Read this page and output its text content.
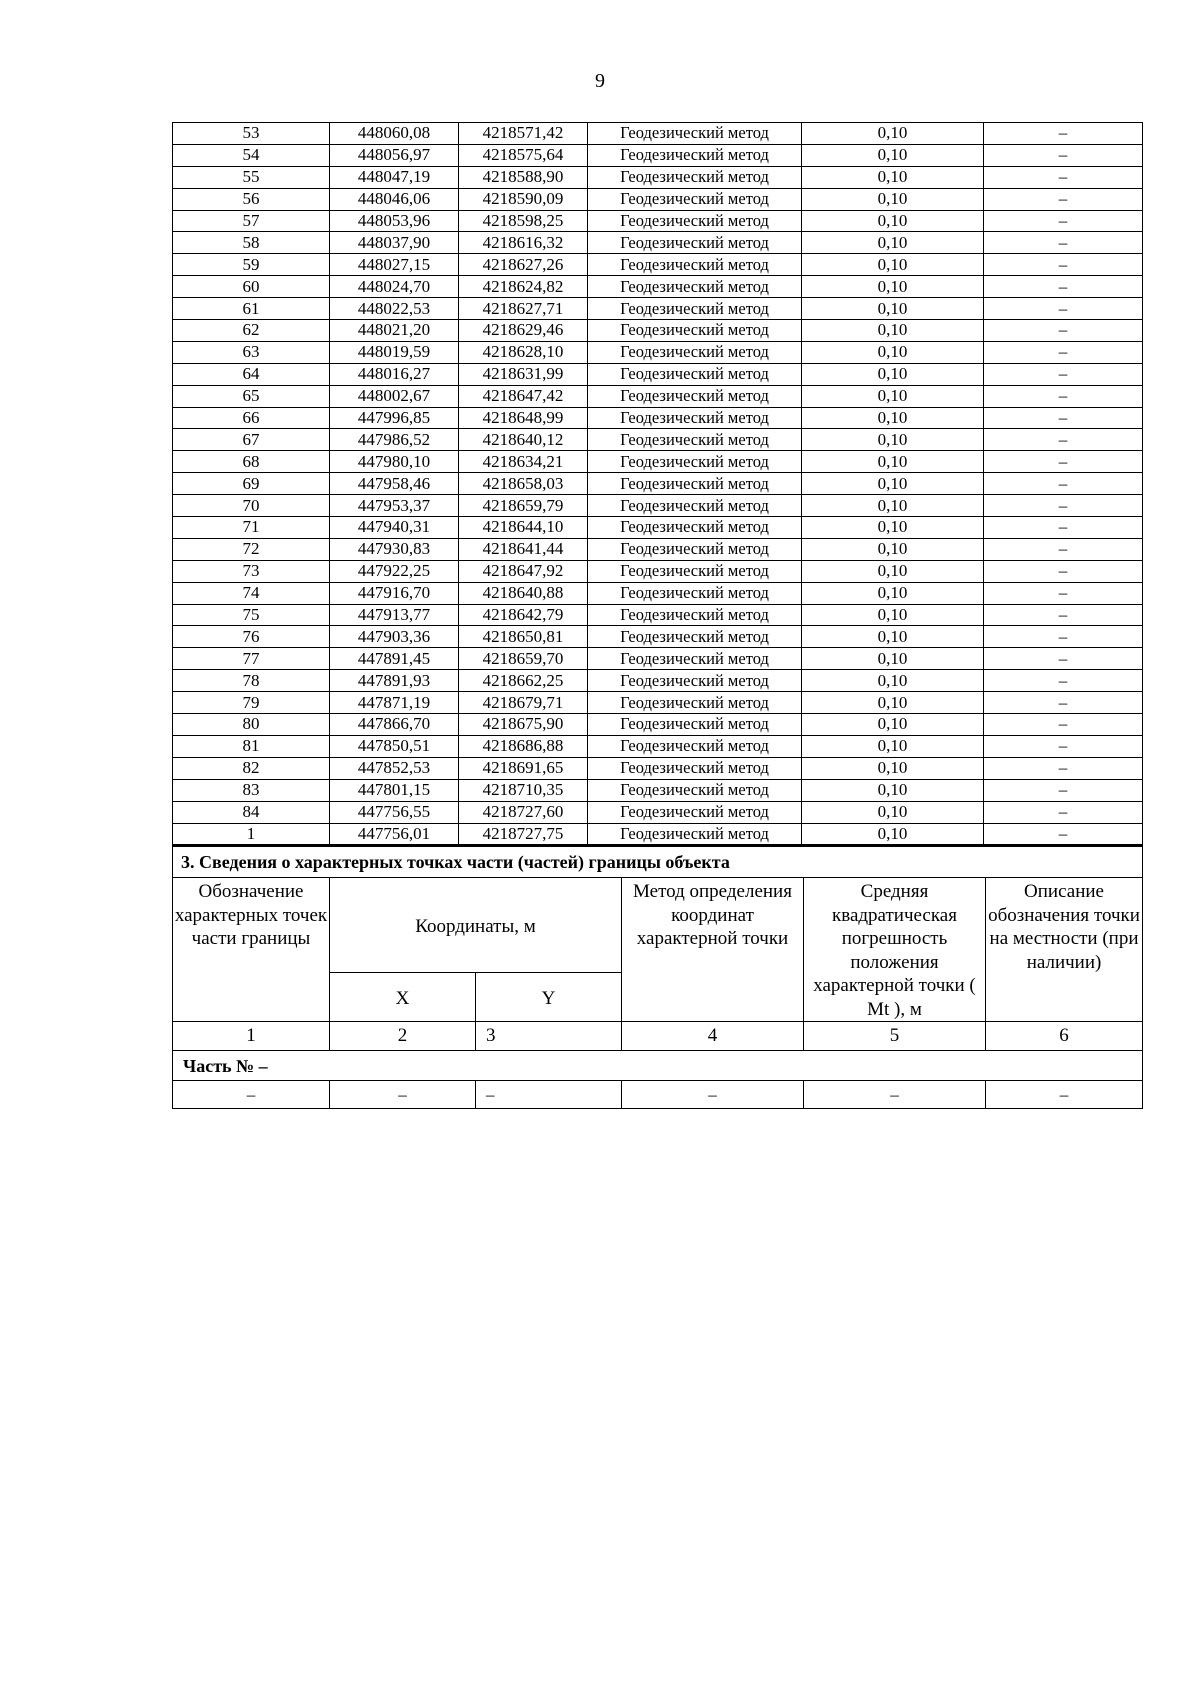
9
53	448060,08	4218571,42	Геодезический метод	0,10	–
54	448056,97	4218575,64	Геодезический метод	0,10	–
55	448047,19	4218588,90	Геодезический метод	0,10	–
56	448046,06	4218590,09	Геодезический метод	0,10	–
57	448053,96	4218598,25	Геодезический метод	0,10	–
58	448037,90	4218616,32	Геодезический метод	0,10	–
59	448027,15	4218627,26	Геодезический метод	0,10	–
60	448024,70	4218624,82	Геодезический метод	0,10	–
61	448022,53	4218627,71	Геодезический метод	0,10	–
62	448021,20	4218629,46	Геодезический метод	0,10	–
63	448019,59	4218628,10	Геодезический метод	0,10	–
64	448016,27	4218631,99	Геодезический метод	0,10	–
65	448002,67	4218647,42	Геодезический метод	0,10	–
66	447996,85	4218648,99	Геодезический метод	0,10	–
67	447986,52	4218640,12	Геодезический метод	0,10	–
68	447980,10	4218634,21	Геодезический метод	0,10	–
69	447958,46	4218658,03	Геодезический метод	0,10	–
70	447953,37	4218659,79	Геодезический метод	0,10	–
71	447940,31	4218644,10	Геодезический метод	0,10	–
72	447930,83	4218641,44	Геодезический метод	0,10	–
73	447922,25	4218647,92	Геодезический метод	0,10	–
74	447916,70	4218640,88	Геодезический метод	0,10	–
75	447913,77	4218642,79	Геодезический метод	0,10	–
76	447903,36	4218650,81	Геодезический метод	0,10	–
77	447891,45	4218659,70	Геодезический метод	0,10	–
78	447891,93	4218662,25	Геодезический метод	0,10	–
79	447871,19	4218679,71	Геодезический метод	0,10	–
80	447866,70	4218675,90	Геодезический метод	0,10	–
81	447850,51	4218686,88	Геодезический метод	0,10	–
82	447852,53	4218691,65	Геодезический метод	0,10	–
83	447801,15	4218710,35	Геодезический метод	0,10	–
84	447756,55	4218727,60	Геодезический метод	0,10	–
1	447756,01	4218727,75	Геодезический метод	0,10	–
3. Сведения о характерных точках части (частей) границы объекта					
Обозначение характерных точек части границы	Координаты, м		Метод определения координат характерной точки	Средняя квадратическая погрешность положения характерной точки ( Mt ), м	Описание обозначения точки на местности (при наличии)
	X	Y			
1	2	3	4	5	6
Часть № –					
–	–	–	–	–	–
